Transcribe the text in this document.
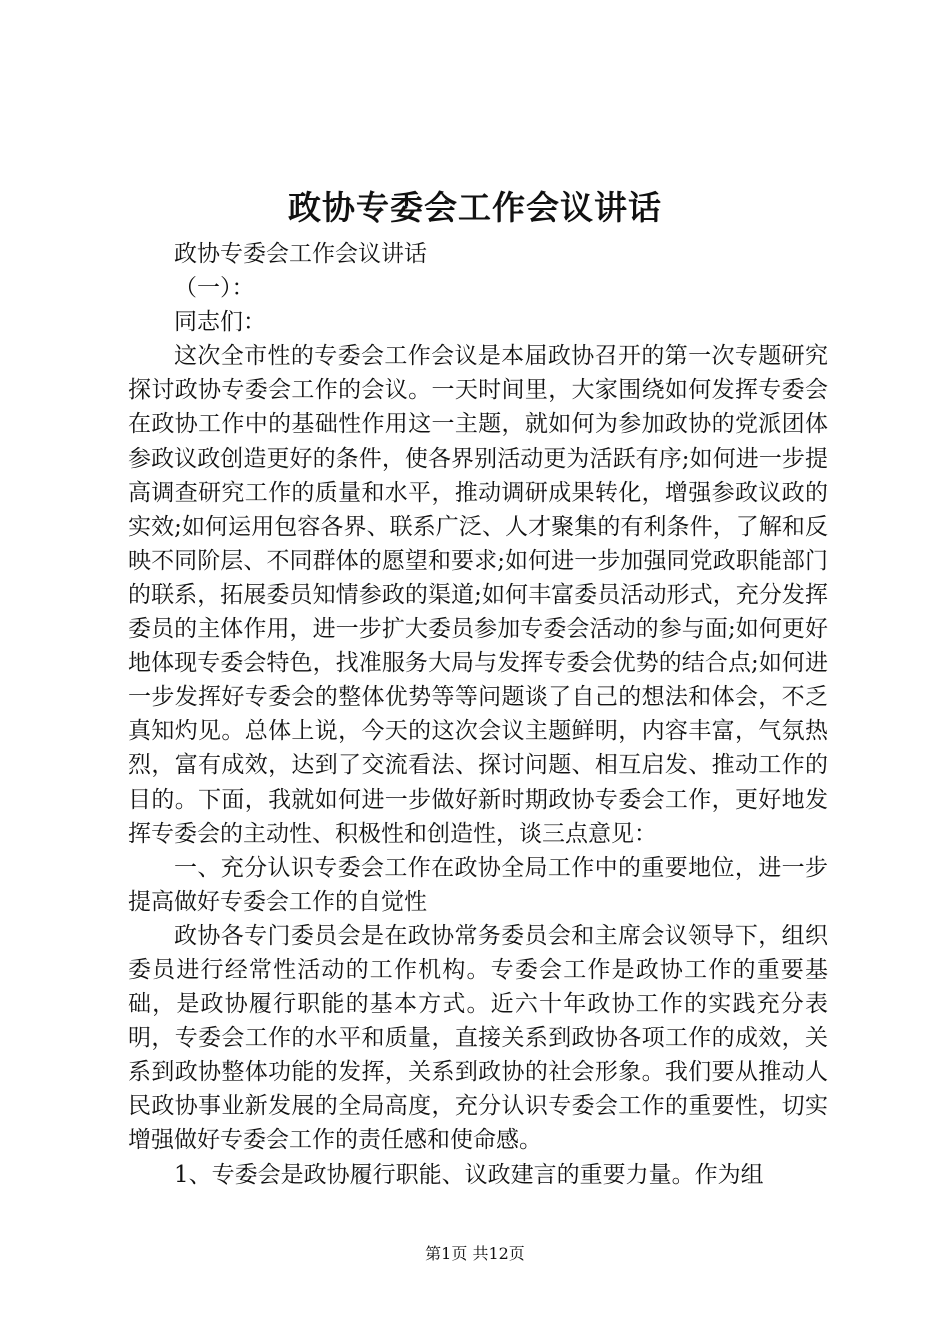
政协专委会工作会议讲话

政协专委会工作会议讲话

（一）：

同志们：

这次全市性的专委会工作会议是本届政协召开的第一次专题研究探讨政协专委会工作的会议。一天时间里，大家围绕如何发挥专委会在政协工作中的基础性作用这一主题，就如何为参加政协的党派团体参政议政创造更好的条件，使各界别活动更为活跃有序;如何进一步提高调查研究工作的质量和水平，推动调研成果转化，增强参政议政的实效;如何运用包容各界、联系广泛、人才聚集的有利条件，了解和反映不同阶层、不同群体的愿望和要求;如何进一步加强同党政职能部门的联系，拓展委员知情参政的渠道;如何丰富委员活动形式，充分发挥委员的主体作用，进一步扩大委员参加专委会活动的参与面;如何更好地体现专委会特色，找准服务大局与发挥专委会优势的结合点;如何进一步发挥好专委会的整体优势等等问题谈了自己的想法和体会，不乏真知灼见。总体上说，今天的这次会议主题鲜明，内容丰富，气氛热烈，富有成效，达到了交流看法、探讨问题、相互启发、推动工作的目的。下面，我就如何进一步做好新时期政协专委会工作，更好地发挥专委会的主动性、积极性和创造性，谈三点意见：

一、充分认识专委会工作在政协全局工作中的重要地位，进一步提高做好专委会工作的自觉性

政协各专门委员会是在政协常务委员会和主席会议领导下，组织委员进行经常性活动的工作机构。专委会工作是政协工作的重要基础，是政协履行职能的基本方式。近六十年政协工作的实践充分表明，专委会工作的水平和质量，直接关系到政协各项工作的成效，关系到政协整体功能的发挥，关系到政协的社会形象。我们要从推动人民政协事业新发展的全局高度，充分认识专委会工作的重要性，切实增强做好专委会工作的责任感和使命感。

1、专委会是政协履行职能、议政建言的重要力量。作为组

第1页 共12页
